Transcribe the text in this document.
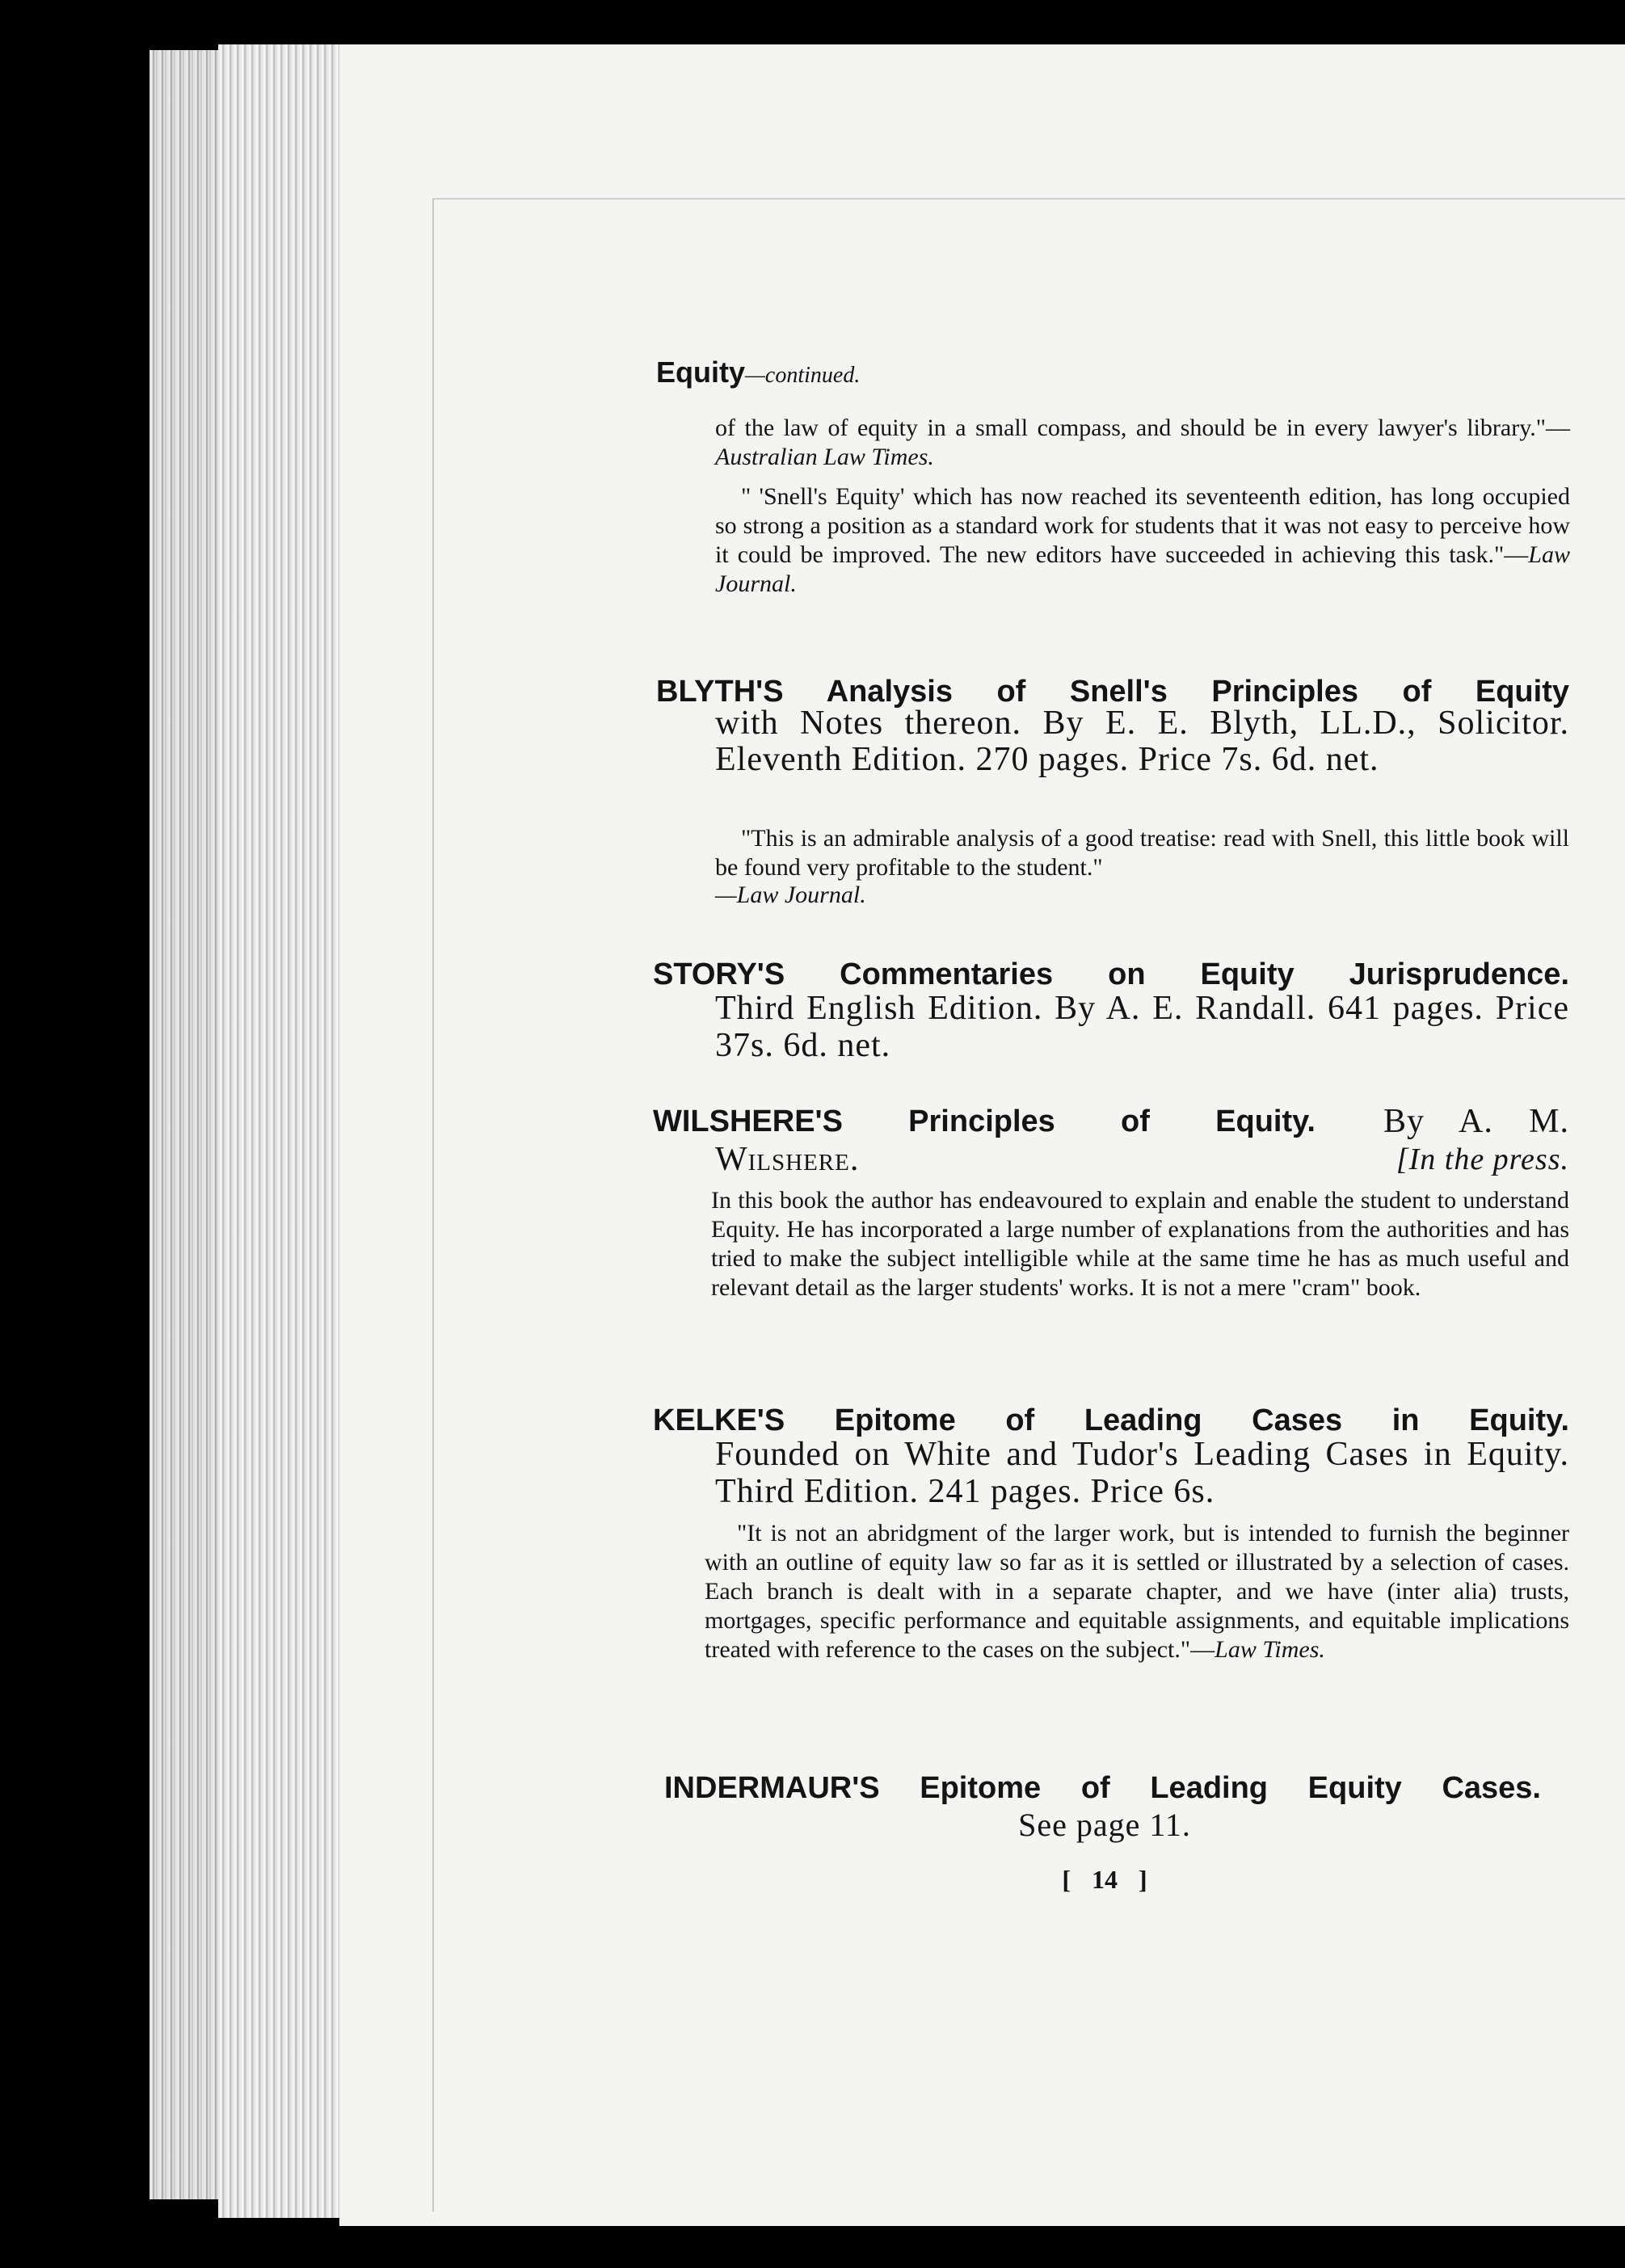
Equity—continued.
of the law of equity in a small compass, and should be in every lawyer's library."—Australian Law Times.
" 'Snell's Equity' which has now reached its seventeenth edition, has long occupied so strong a position as a standard work for students that it was not easy to perceive how it could be improved. The new editors have succeeded in achieving this task."—Law Journal.
BLYTH'S Analysis of Snell's Principles of Equity
with Notes thereon. By E. E. Blyth, LL.D., Solicitor. Eleventh Edition. 270 pages. Price 7s. 6d. net.
"This is an admirable analysis of a good treatise: read with Snell, this little book will be found very profitable to the student."
—Law Journal.
STORY'S Commentaries on Equity Jurisprudence.
Third English Edition. By A. E. Randall. 641 pages. Price 37s. 6d. net.
WILSHERE'S Principles of Equity. By A. M.
Wilshere.	[In the press.
In this book the author has endeavoured to explain and enable the student to understand Equity. He has incorporated a large number of explanations from the authorities and has tried to make the subject intelligible while at the same time he has as much useful and relevant detail as the larger students' works. It is not a mere "cram" book.
KELKE'S Epitome of Leading Cases in Equity.
Founded on White and Tudor's Leading Cases in Equity. Third Edition. 241 pages. Price 6s.
"It is not an abridgment of the larger work, but is intended to furnish the beginner with an outline of equity law so far as it is settled or illustrated by a selection of cases. Each branch is dealt with in a separate chapter, and we have (inter alia) trusts, mortgages, specific performance and equitable assignments, and equitable implications treated with reference to the cases on the subject."—Law Times.
INDERMAUR'S Epitome of Leading Equity Cases.
See page 11.
[ 14 ]
